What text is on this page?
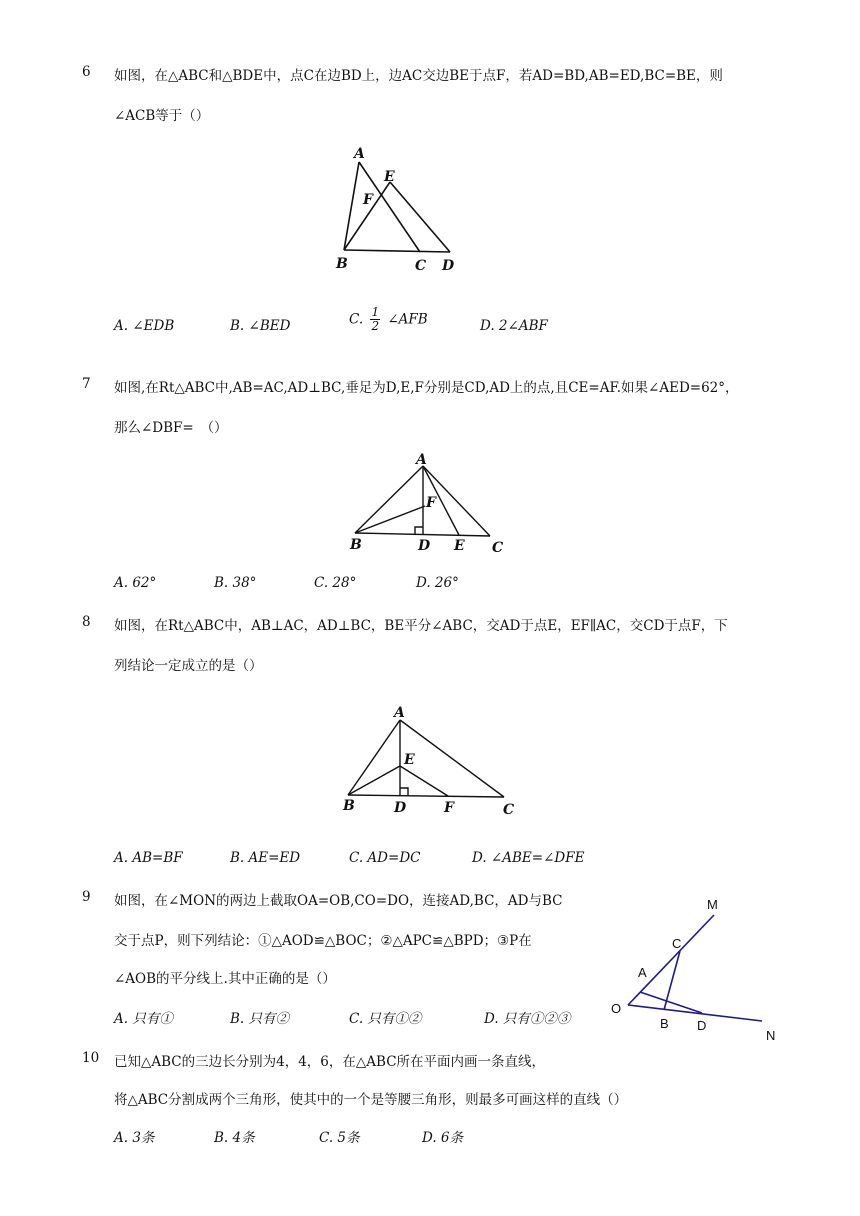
6	如图，在△ABC和△BDE中，点C在边BD上，边AC交边BE于点F，若AD=BD,AB=ED,BC=BE，则
∠ACB等于（）
A
E
F
B	C D
A. ∠EDB	B. ∠BED	C. $\frac{1}{2}$ ∠AFB	D. 2∠ABF
7	如图,在Rt△ABC中,AB=AC,AD⊥BC,垂足为D,E,F分别是CD,AD上的点,且CE=AF.如果∠AED=62°，
那么∠DBF=　（）
A
F
B	D E C
A. 62°	B. 38°	C. 28°	D. 26°
8	如图，在Rt△ABC中，AB⊥AC，AD⊥BC，BE平分∠ABC，交AD于点E，EF∥AC，交CD于点F，下
列结论一定成立的是（）
A
E
B	D	F	C
A. AB=BF	B. AE=ED	C. AD=DC	D. ∠ABE=∠DFE
9	如图，在∠MON的两边上截取OA=OB,CO=DO，连接AD,BC，AD与BC
交于点P，则下列结论：①△AOD≌△BOC；②△APC≌△BPD；③P在
∠AOB的平分线上.其中正确的是（）
A. 只有①	B. 只有②	C. 只有①②	D. 只有①②③
M
C
A
O
B D
N
10 已知△ABC的三边长分别为4，4，6，在△ABC所在平面内画一条直线，
将△ABC分割成两个三角形，使其中的一个是等腰三角形，则最多可画这样的直线（）
A. 3条	B. 4条	C. 5条	D. 6条
